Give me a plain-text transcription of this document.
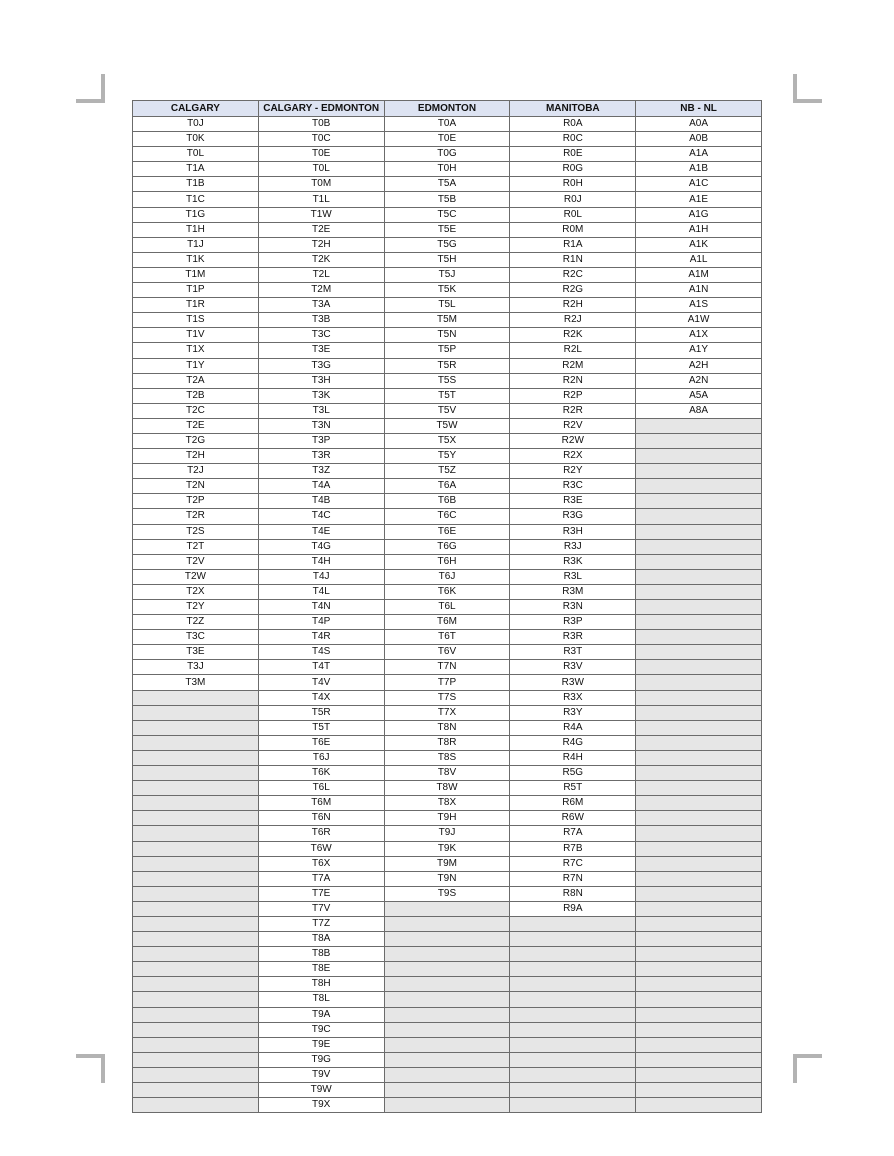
CALGARY	CALGARY - EDMONTON	EDMONTON	MANITOBA	NB - NL
T0J	T0B	T0A	R0A	A0A
T0K	T0C	T0E	R0C	A0B
T0L	T0E	T0G	R0E	A1A
T1A	T0L	T0H	R0G	A1B
T1B	T0M	T5A	R0H	A1C
T1C	T1L	T5B	R0J	A1E
T1G	T1W	T5C	R0L	A1G
T1H	T2E	T5E	R0M	A1H
T1J	T2H	T5G	R1A	A1K
T1K	T2K	T5H	R1N	A1L
T1M	T2L	T5J	R2C	A1M
T1P	T2M	T5K	R2G	A1N
T1R	T3A	T5L	R2H	A1S
T1S	T3B	T5M	R2J	A1W
T1V	T3C	T5N	R2K	A1X
T1X	T3E	T5P	R2L	A1Y
T1Y	T3G	T5R	R2M	A2H
T2A	T3H	T5S	R2N	A2N
T2B	T3K	T5T	R2P	A5A
T2C	T3L	T5V	R2R	A8A
T2E	T3N	T5W	R2V	
T2G	T3P	T5X	R2W	
T2H	T3R	T5Y	R2X	
T2J	T3Z	T5Z	R2Y	
T2N	T4A	T6A	R3C	
T2P	T4B	T6B	R3E	
T2R	T4C	T6C	R3G	
T2S	T4E	T6E	R3H	
T2T	T4G	T6G	R3J	
T2V	T4H	T6H	R3K	
T2W	T4J	T6J	R3L	
T2X	T4L	T6K	R3M	
T2Y	T4N	T6L	R3N	
T2Z	T4P	T6M	R3P	
T3C	T4R	T6T	R3R	
T3E	T4S	T6V	R3T	
T3J	T4T	T7N	R3V	
T3M	T4V	T7P	R3W	
	T4X	T7S	R3X	
	T5R	T7X	R3Y	
	T5T	T8N	R4A	
	T6E	T8R	R4G	
	T6J	T8S	R4H	
	T6K	T8V	R5G	
	T6L	T8W	R5T	
	T6M	T8X	R6M	
	T6N	T9H	R6W	
	T6R	T9J	R7A	
	T6W	T9K	R7B	
	T6X	T9M	R7C	
	T7A	T9N	R7N	
	T7E	T9S	R8N	
	T7V		R9A	
	T7Z			
	T8A			
	T8B			
	T8E			
	T8H			
	T8L			
	T9A			
	T9C			
	T9E			
	T9G			
	T9V			
	T9W			
	T9X			
